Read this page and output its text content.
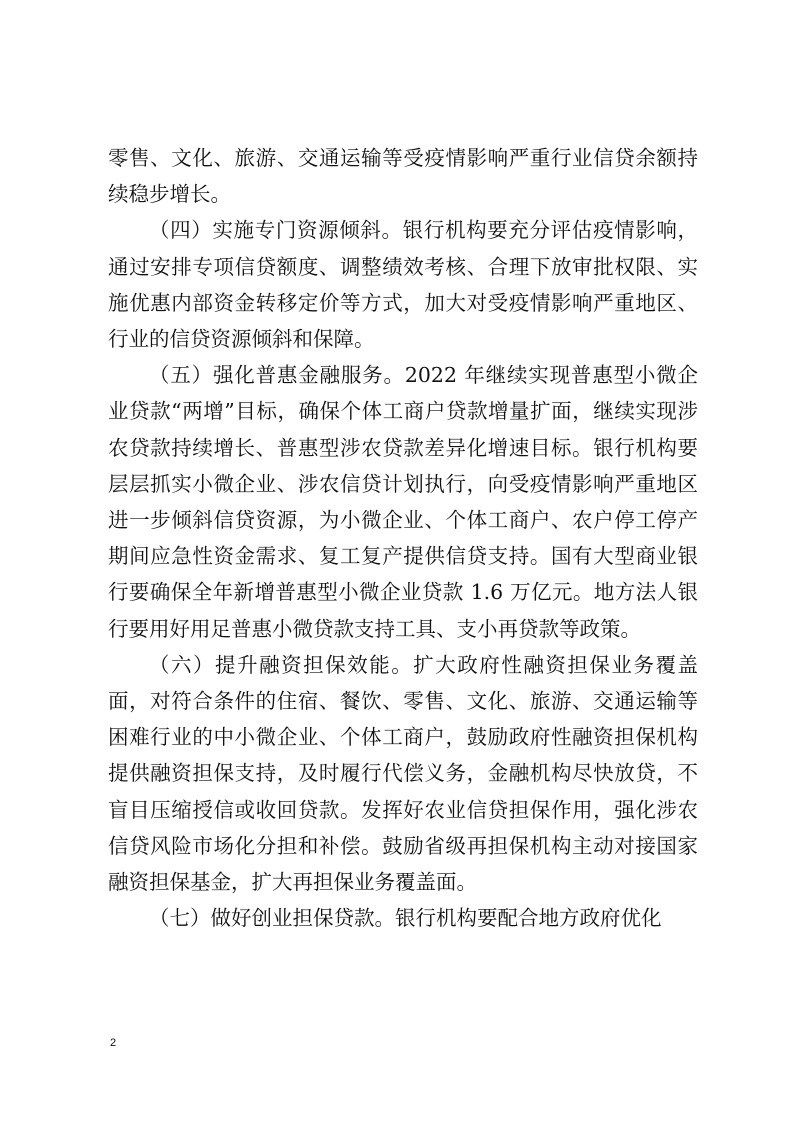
零售、文化、旅游、交通运输等受疫情影响严重行业信贷余额持续稳步增长。

（四）实施专门资源倾斜。银行机构要充分评估疫情影响，通过安排专项信贷额度、调整绩效考核、合理下放审批权限、实施优惠内部资金转移定价等方式，加大对受疫情影响严重地区、行业的信贷资源倾斜和保障。

（五）强化普惠金融服务。2022 年继续实现普惠型小微企业贷款“两增”目标，确保个体工商户贷款增量扩面，继续实现涉农贷款持续增长、普惠型涉农贷款差异化增速目标。银行机构要层层抓实小微企业、涉农信贷计划执行，向受疫情影响严重地区进一步倾斜信贷资源，为小微企业、个体工商户、农户停工停产期间应急性资金需求、复工复产提供信贷支持。国有大型商业银行要确保全年新增普惠型小微企业贷款 1.6 万亿元。地方法人银行要用好用足普惠小微贷款支持工具、支小再贷款等政策。

（六）提升融资担保效能。扩大政府性融资担保业务覆盖面，对符合条件的住宿、餐饮、零售、文化、旅游、交通运输等困难行业的中小微企业、个体工商户，鼓励政府性融资担保机构提供融资担保支持，及时履行代偿义务，金融机构尽快放贷，不盲目压缩授信或收回贷款。发挥好农业信贷担保作用，强化涉农信贷风险市场化分担和补偿。鼓励省级再担保机构主动对接国家融资担保基金，扩大再担保业务覆盖面。

（七）做好创业担保贷款。银行机构要配合地方政府优化

2
